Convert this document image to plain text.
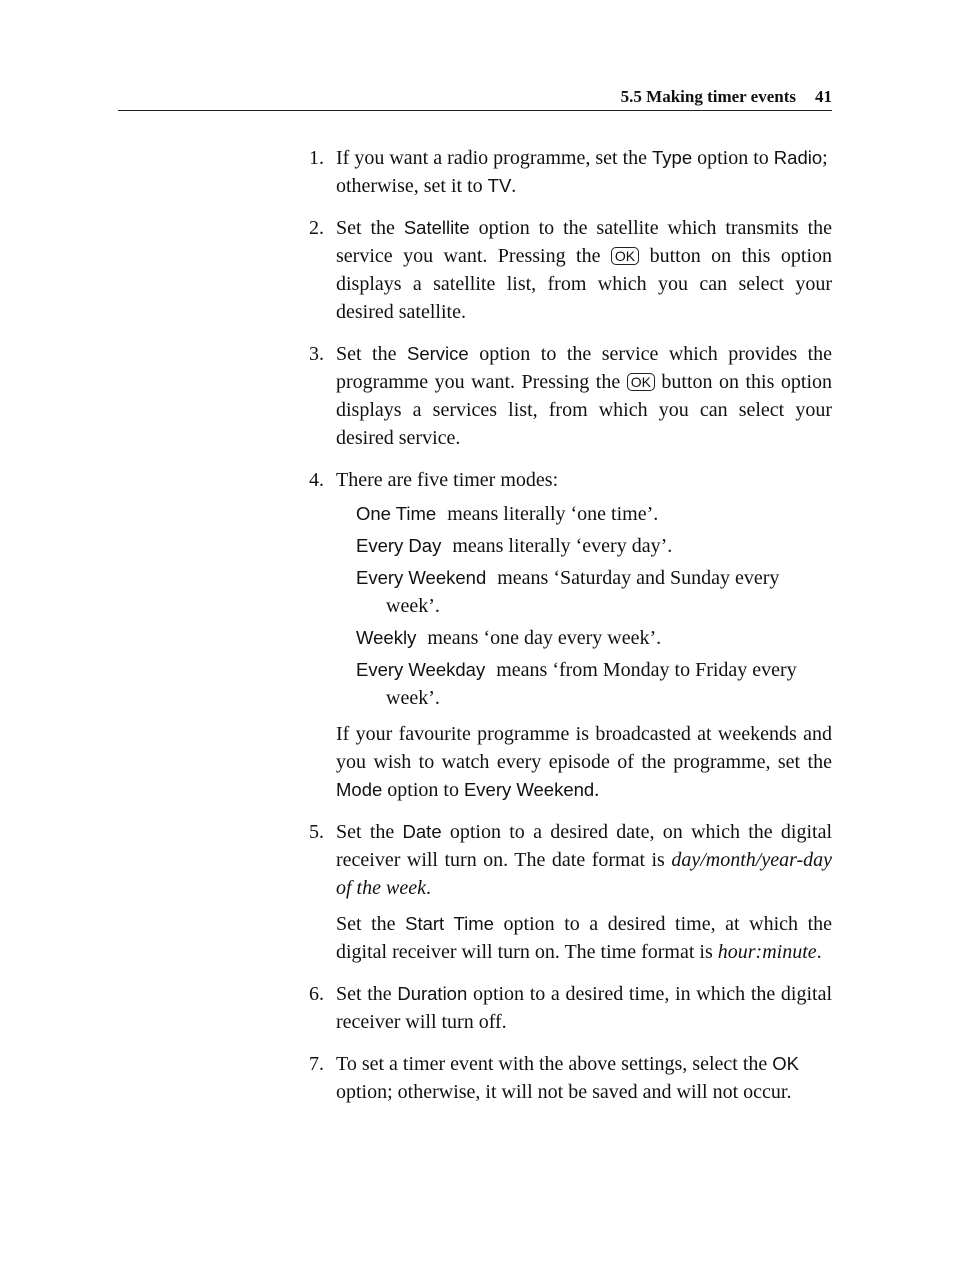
5.5 Making timer events 41
1. If you want a radio programme, set the Type option to Radio; otherwise, set it to TV.

2. Set the Satellite option to the satellite which transmits the service you want. Pressing the OK button on this option displays a satellite list, from which you can select your desired satellite.

3. Set the Service option to the service which provides the programme you want. Pressing the OK button on this option displays a services list, from which you can select your desired service.

4. There are five timer modes:

One Time means literally ‘one time’.
Every Day means literally ‘every day’.
Every Weekend means ‘Saturday and Sunday every week’.
Weekly means ‘one day every week’.
Every Weekday means ‘from Monday to Friday every week’.

If your favourite programme is broadcasted at weekends and you wish to watch every episode of the programme, set the Mode option to Every Weekend.

5. Set the Date option to a desired date, on which the digital receiver will turn on. The date format is day/month/year-day of the week.

Set the Start Time option to a desired time, at which the digital receiver will turn on. The time format is hour:minute.

6. Set the Duration option to a desired time, in which the digital receiver will turn off.

7. To set a timer event with the above settings, select the OK option; otherwise, it will not be saved and will not occur.
